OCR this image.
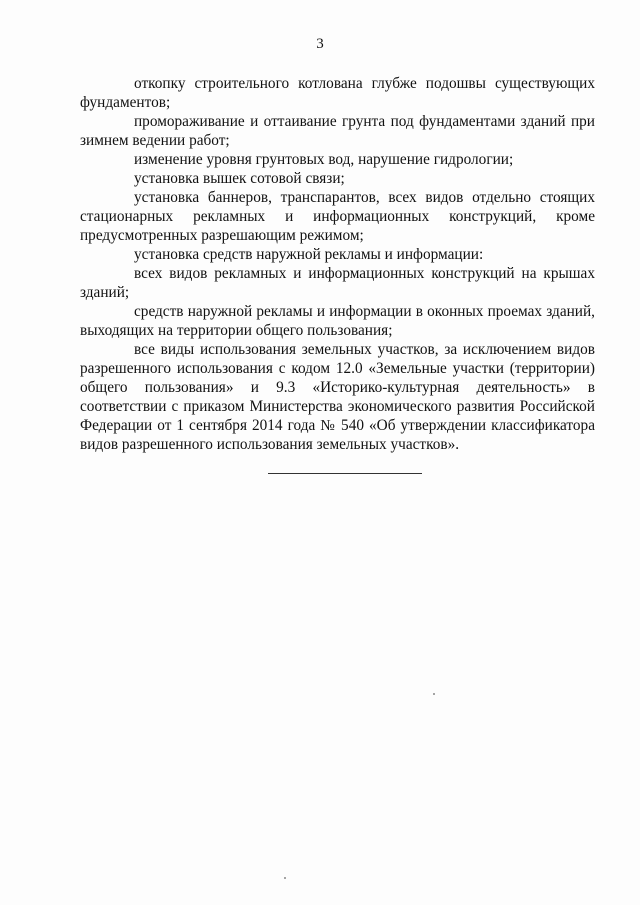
3

откопку строительного котлована глубже подошвы существующих фундаментов;

промораживание и оттаивание грунта под фундаментами зданий при зимнем ведении работ;

изменение уровня грунтовых вод, нарушение гидрологии;

установка вышек сотовой связи;

установка баннеров, транспарантов, всех видов отдельно стоящих стационарных рекламных и информационных конструкций, кроме предусмотренных разрешающим режимом;

установка средств наружной рекламы и информации:

всех видов рекламных и информационных конструкций на крышах зданий;

средств наружной рекламы и информации в оконных проемах зданий, выходящих на территории общего пользования;

все виды использования земельных участков, за исключением видов разрешенного использования с кодом 12.0 «Земельные участки (территории) общего пользования» и 9.3 «Историко-культурная деятельность» в соответствии с приказом Министерства экономического развития Российской Федерации от 1 сентября 2014 года № 540 «Об утверждении классификатора видов разрешенного использования земельных участков».
